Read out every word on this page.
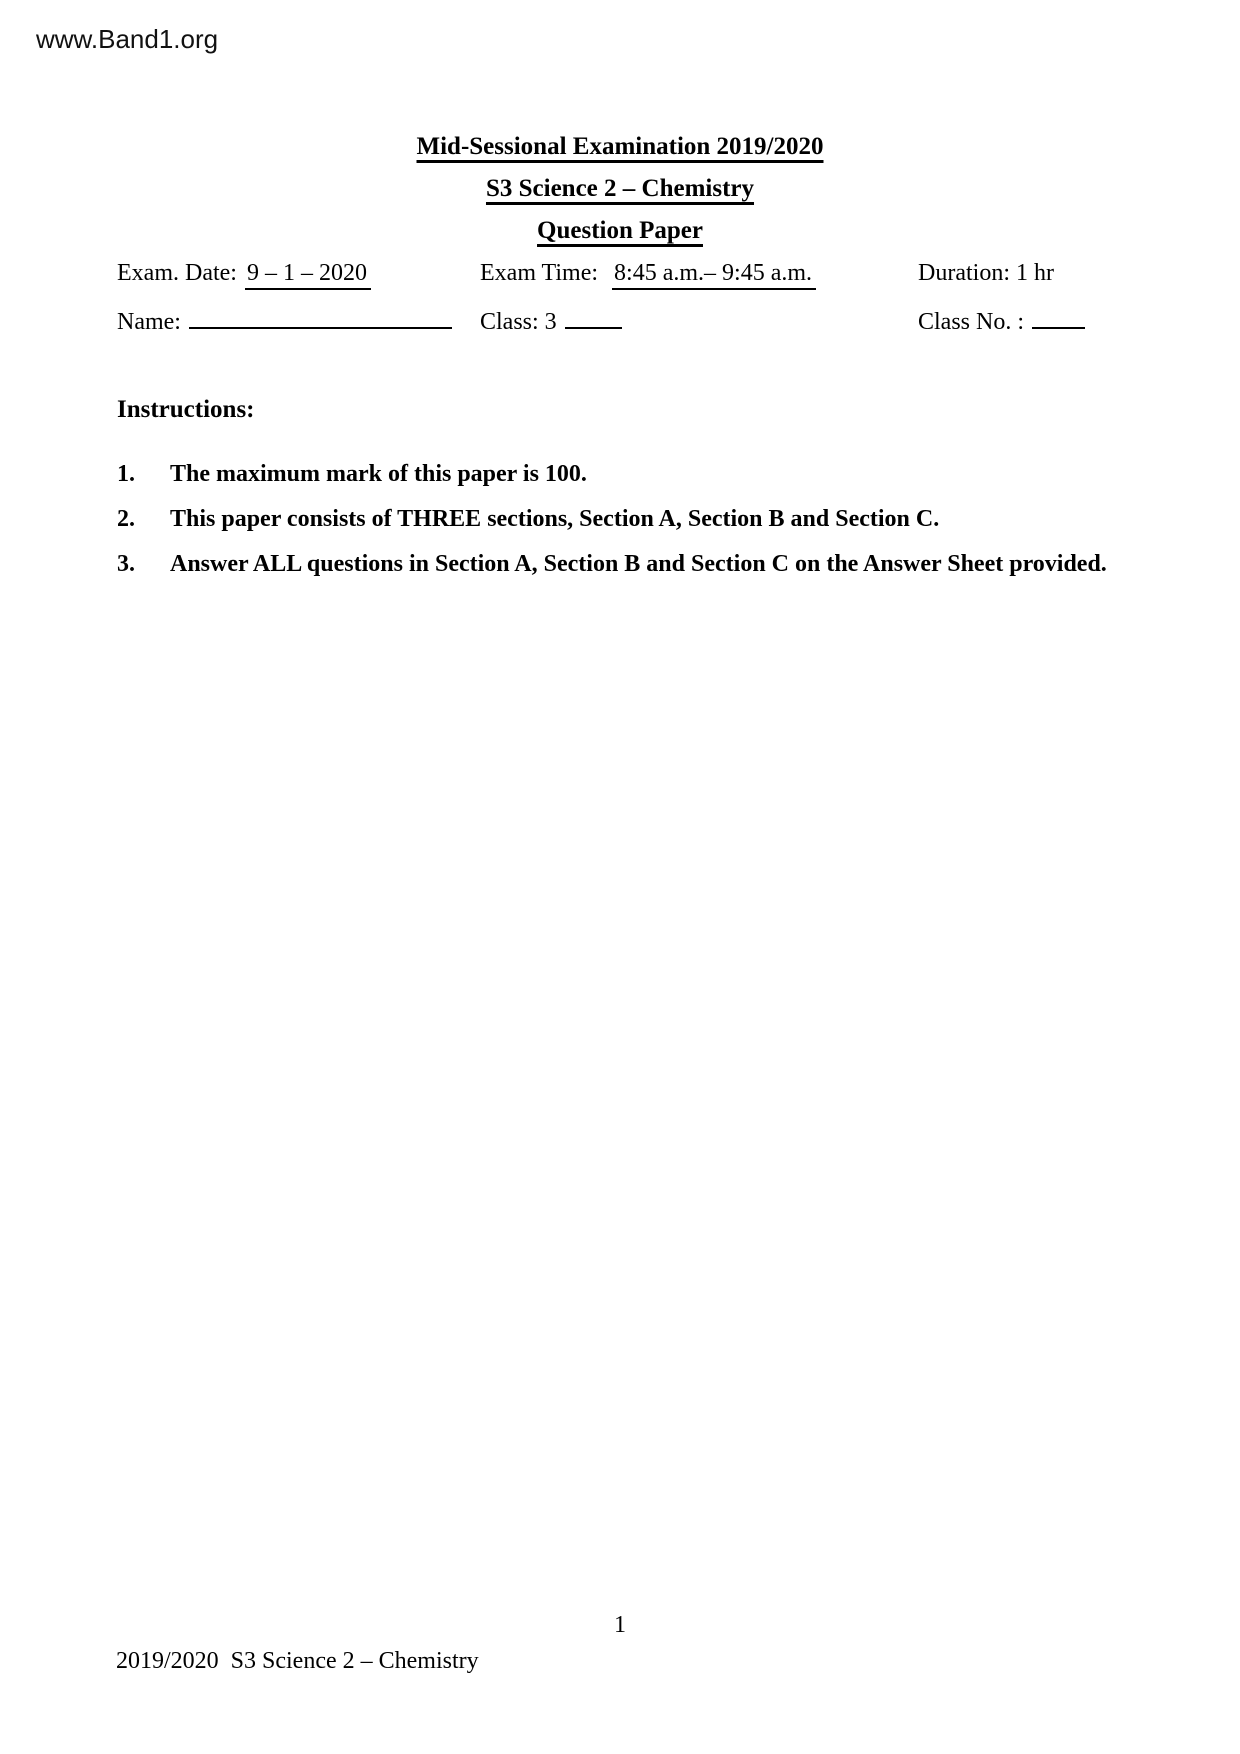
www.Band1.org
Mid-Sessional Examination 2019/2020
S3 Science 2 – Chemistry
Question Paper
Exam. Date: 9 – 1 – 2020	Exam Time: 8:45 a.m.– 9:45 a.m.	Duration: 1 hr
Name:	Class: 3	Class No. :
Instructions:
1. The maximum mark of this paper is 100.
2. This paper consists of THREE sections, Section A, Section B and Section C.
3. Answer ALL questions in Section A, Section B and Section C on the Answer Sheet provided.
1
2019/2020  S3 Science 2 – Chemistry
